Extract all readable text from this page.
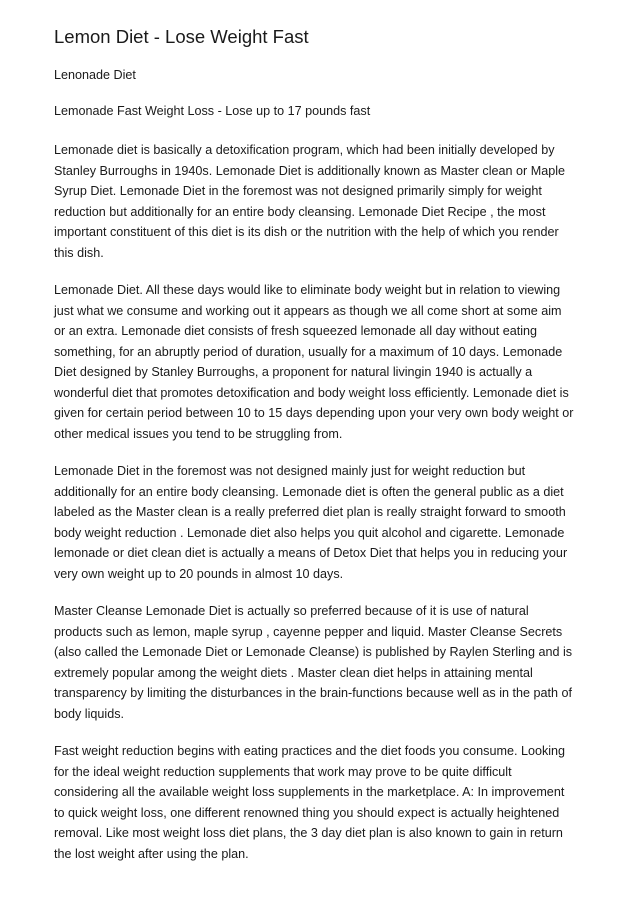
Lemon Diet - Lose Weight Fast

Lenonade Diet

Lemonade Fast Weight Loss - Lose up to 17 pounds fast

Lemonade diet is basically a detoxification program, which had been initially developed by
Stanley Burroughs in 1940s. Lemonade Diet is additionally known as Master clean or Maple
Syrup Diet. Lemonade Diet in the foremost was not designed primarily simply for weight
reduction but additionally for an entire body cleansing. Lemonade Diet Recipe , the most
important constituent of this diet is its dish or the nutrition with the help of which you render
this dish.

Lemonade Diet. All these days would like to eliminate body weight but in relation to viewing
just what we consume and working out it appears as though we all come short at some aim
or an extra. Lemonade diet consists of fresh squeezed lemonade all day without eating
something, for an abruptly period of duration, usually for a maximum of 10 days. Lemonade
Diet designed by Stanley Burroughs, a proponent for natural livingin 1940 is actually a
wonderful diet that promotes detoxification and body weight loss efficiently. Lemonade diet is
given for certain period between 10 to 15 days depending upon your very own body weight or
other medical issues you tend to be struggling from.

Lemonade Diet in the foremost was not designed mainly just for weight reduction but
additionally for an entire body cleansing. Lemonade diet is often the general public as a diet
labeled as the Master clean is a really preferred diet plan is really straight forward to smooth
body weight reduction . Lemonade diet also helps you quit alcohol and cigarette. Lemonade
lemonade or diet clean diet is actually a means of Detox Diet that helps you in reducing your
very own weight up to 20 pounds in almost 10 days.

Master Cleanse Lemonade Diet is actually so preferred because of it is use of natural
products such as lemon, maple syrup , cayenne pepper and liquid. Master Cleanse Secrets
(also called the Lemonade Diet or Lemonade Cleanse) is published by Raylen Sterling and is
extremely popular among the weight diets . Master clean diet helps in attaining mental
transparency by limiting the disturbances in the brain-functions because well as in the path of
body liquids.

Fast weight reduction begins with eating practices and the diet foods you consume. Looking
for the ideal weight reduction supplements that work may prove to be quite difficult
considering all the available weight loss supplements in the marketplace. A: In improvement
to quick weight loss, one different renowned thing you should expect is actually heightened
removal. Like most weight loss diet plans, the 3 day diet plan is also known to gain in return
the lost weight after using the plan.
